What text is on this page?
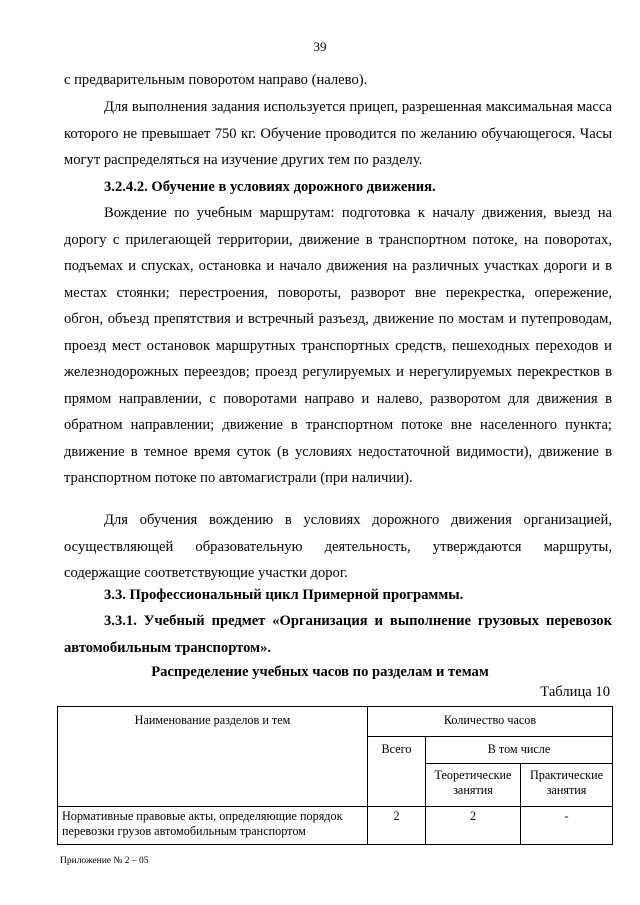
39

с предварительным поворотом направо (налево).

Для выполнения задания используется прицеп, разрешенная максимальная масса которого не превышает 750 кг. Обучение проводится по желанию обучающегося. Часы могут распределяться на изучение других тем по разделу.

3.2.4.2. Обучение в условиях дорожного движения.

Вождение по учебным маршрутам: подготовка к началу движения, выезд на дорогу с прилегающей территории, движение в транспортном потоке, на поворотах, подъемах и спусках, остановка и начало движения на различных участках дороги и в местах стоянки; перестроения, повороты, разворот вне перекрестка, опережение, обгон, объезд препятствия и встречный разъезд, движение по мостам и путепроводам, проезд мест остановок маршрутных транспортных средств, пешеходных переходов и железнодорожных переездов; проезд регулируемых и нерегулируемых перекрестков в прямом направлении, с поворотами направо и налево, разворотом для движения в обратном направлении; движение в транспортном потоке вне населенного пункта; движение в темное время суток (в условиях недостаточной видимости), движение в транспортном потоке по автомагистрали (при наличии).

Для обучения вождению в условиях дорожного движения организацией, осуществляющей образовательную деятельность, утверждаются маршруты, содержащие соответствующие участки дорог.

3.3. Профессиональный цикл Примерной программы.

3.3.1. Учебный предмет «Организация и выполнение грузовых перевозок автомобильным транспортом».

Распределение учебных часов по разделам и темам
Таблица 10
Наименование разделов и тем	Количество часов		
	Всего	В том числе	
		Теоретические занятия	Практические занятия
Нормативные правовые акты, определяющие порядок перевозки грузов автомобильным транспортом	2	2	-
Приложение № 2 – 05
